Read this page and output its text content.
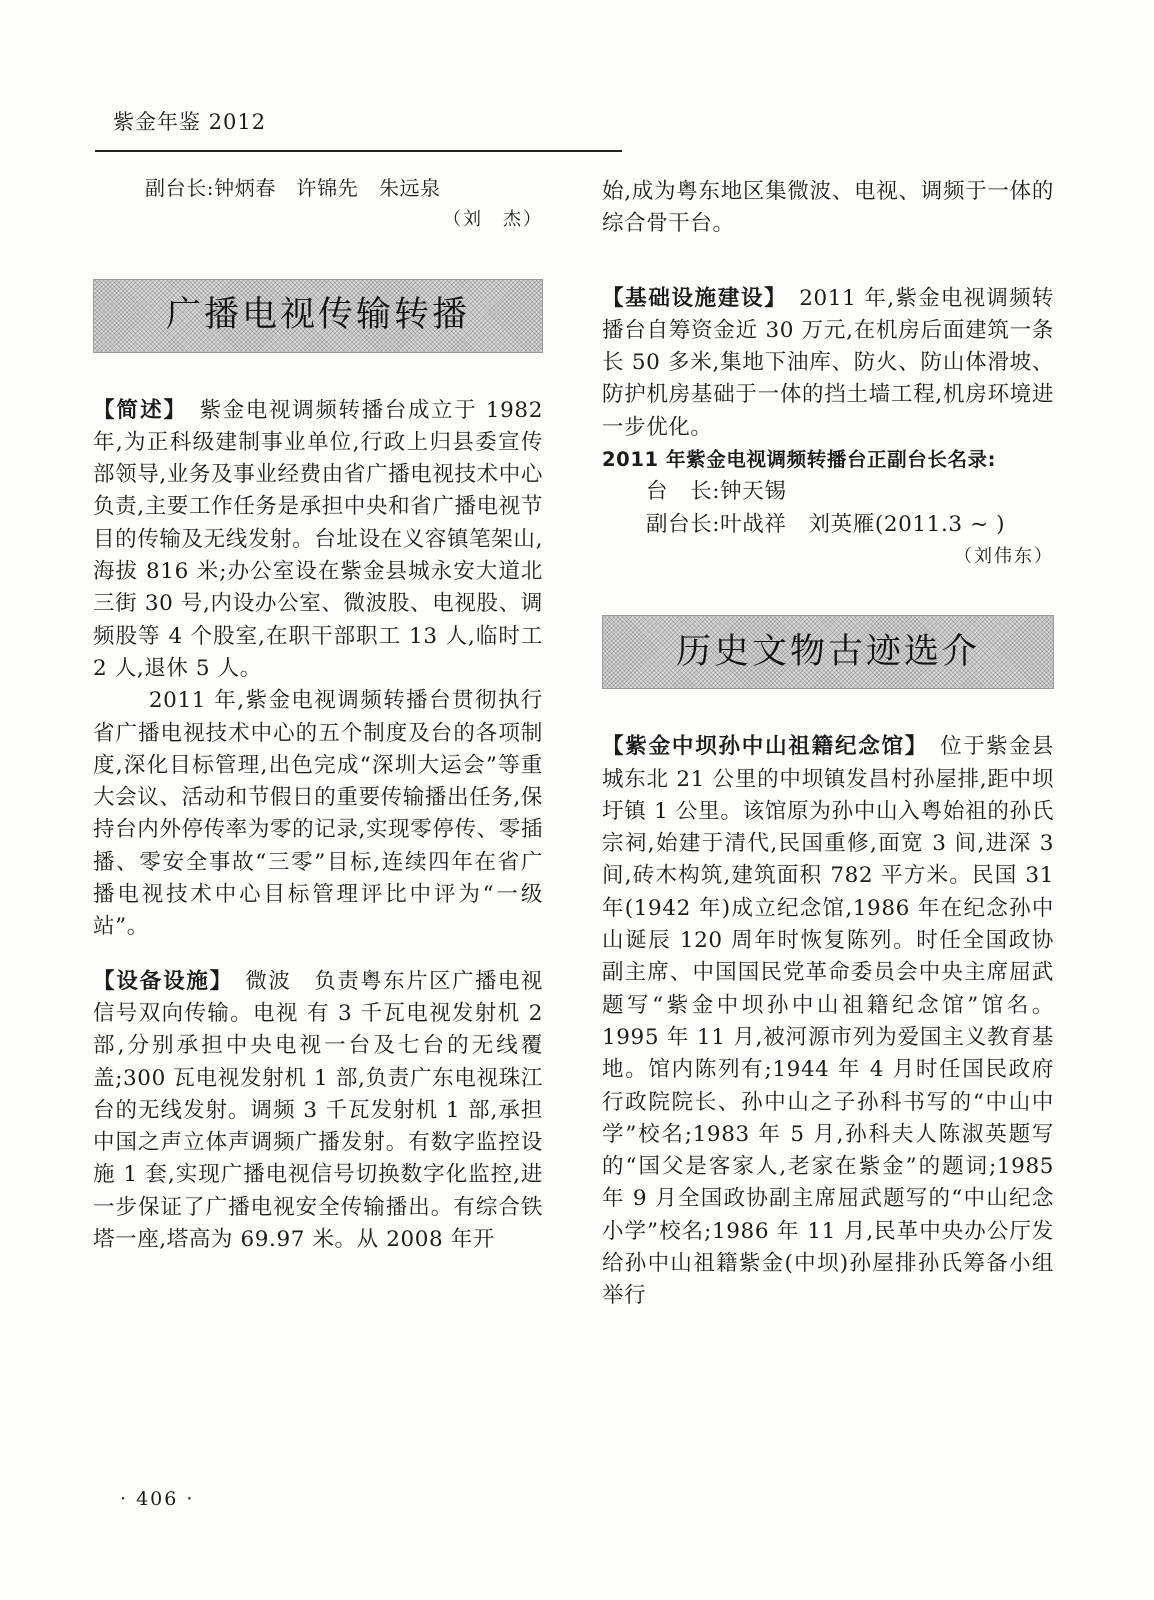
紫金年鉴 2012

副台长:钟炳春　许锦先　朱远泉

（刘　杰）

广播电视传输转播

【简述】　 紫金电视调频转播台成立于 1982 年,为正科级建制事业单位,行政上归县委宣传部领导,业务及事业经费由省广播电视技术中心负责,主要工作任务是承担中央和省广播电视节目的传输及无线发射。台址设在义容镇笔架山,海拔 816 米;办公室设在紫金县城永安大道北三街 30 号,内设办公室、微波股、电视股、调频股等 4 个股室,在职干部职工 13 人,临时工 2 人,退休 5 人。

2011 年,紫金电视调频转播台贯彻执行省广播电视技术中心的五个制度及台的各项制度,深化目标管理,出色完成“深圳大运会”等重大会议、活动和节假日的重要传输播出任务,保持台内外停传率为零的记录,实现零停传、零插播、零安全事故“三零”目标,连续四年在省广播电视技术中心目标管理评比中评为“一级站”。

【设备设施】　 微波　负责粤东片区广播电视信号双向传输。电视 有 3 千瓦电视发射机 2 部,分别承担中央电视一台及七台的无线覆盖;300 瓦电视发射机 1 部,负责广东电视珠江台的无线发射。调频 3 千瓦发射机 1 部,承担中国之声立体声调频广播发射。有数字监控设施 1 套,实现广播电视信号切换数字化监控,进一步保证了广播电视安全传输播出。有综合铁塔一座,塔高为 69.97 米。从 2008 年开

始,成为粤东地区集微波、电视、调频于一体的综合骨干台。

【基础设施建设】　 2011 年,紫金电视调频转播台自筹资金近 30 万元,在机房后面建筑一条长 50 多米,集地下油库、防火、防山体滑坡、防护机房基础于一体的挡土墙工程,机房环境进一步优化。

2011 年紫金电视调频转播台正副台长名录:

台　长:钟天锡

副台长:叶战祥　刘英雁(2011.3 ~ )

（刘伟东）

历史文物古迹选介

【紫金中坝孙中山祖籍纪念馆】　 位于紫金县城东北 21 公里的中坝镇发昌村孙屋排,距中坝圩镇 1 公里。该馆原为孙中山入粤始祖的孙氏宗祠,始建于清代,民国重修,面宽 3 间,进深 3 间,砖木构筑,建筑面积 782 平方米。民国 31 年(1942 年)成立纪念馆,1986 年在纪念孙中山诞辰 120 周年时恢复陈列。时任全国政协副主席、中国国民党革命委员会中央主席屈武题写“紫金中坝孙中山祖籍纪念馆”馆名。1995 年 11 月,被河源市列为爱国主义教育基地。馆内陈列有;1944 年 4 月时任国民政府行政院院长、孙中山之子孙科书写的“中山中学”校名;1983 年 5 月,孙科夫人陈淑英题写的“国父是客家人,老家在紫金”的题词;1985 年 9 月全国政协副主席屈武题写的“中山纪念小学”校名;1986 年 11 月,民革中央办公厅发给孙中山祖籍紫金(中坝)孙屋排孙氏筹备小组举行

· 406 ·
